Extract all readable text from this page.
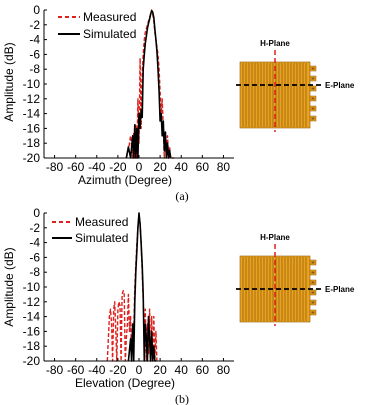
0
-2
-4
-6
-8
-10
-12
-14
-16
-18
-20
-80 -60 -40 -20 0 20 40 60 80
Azimuth (Degree)
Amplitude (dB)
Measured
Simulated
(a)
0
-2
-4
-6
-8
-10
-12
-14
-16
-18
-20
-80 -60 -40 -20 0 20 40 60 80
Elevation (Degree)
Amplitude (dB)
Measured
Simulated
(b)
H-Plane
E-Plane
H-Plane
E-Plane
